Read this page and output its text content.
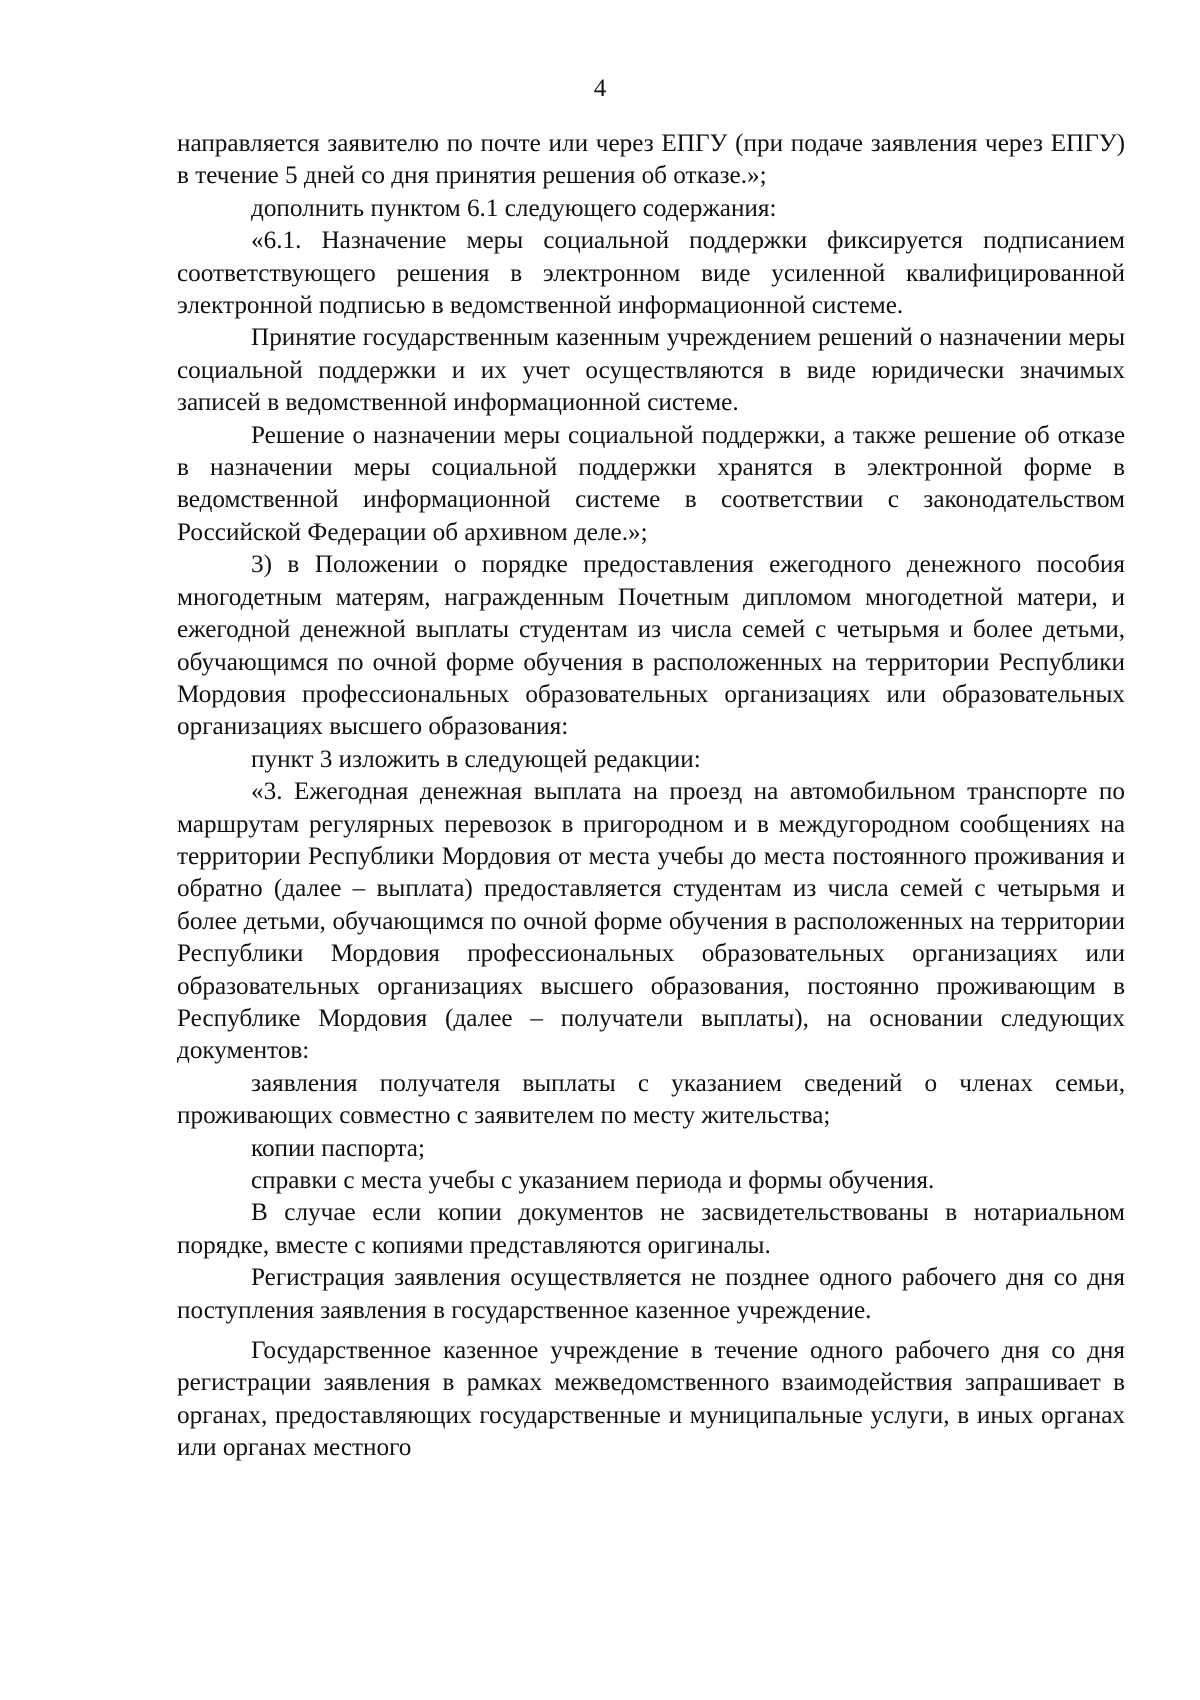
4

направляется заявителю по почте или через ЕПГУ (при подаче заявления через ЕПГУ) в течение 5 дней со дня принятия решения об отказе.»;

дополнить пунктом 6.1 следующего содержания:

«6.1. Назначение меры социальной поддержки фиксируется подписанием соответствующего решения в электронном виде усиленной квалифицированной электронной подписью в ведомственной информационной системе.

Принятие государственным казенным учреждением решений о назначении меры социальной поддержки и их учет осуществляются в виде юридически значимых записей в ведомственной информационной системе.

Решение о назначении меры социальной поддержки, а также решение об отказе в назначении меры социальной поддержки хранятся в электронной форме в ведомственной информационной системе в соответствии с законодательством Российской Федерации об архивном деле.»;

3) в Положении о порядке предоставления ежегодного денежного пособия многодетным матерям, награжденным Почетным дипломом многодетной матери, и ежегодной денежной выплаты студентам из числа семей с четырьмя и более детьми, обучающимся по очной форме обучения в расположенных на территории Республики Мордовия профессиональных образовательных организациях или образовательных организациях высшего образования:

пункт 3 изложить в следующей редакции:

«3. Ежегодная денежная выплата на проезд на автомобильном транспорте по маршрутам регулярных перевозок в пригородном и в междугородном сообщениях на территории Республики Мордовия от места учебы до места постоянного проживания и обратно (далее – выплата) предоставляется студентам из числа семей с четырьмя и более детьми, обучающимся по очной форме обучения в расположенных на территории Республики Мордовия профессиональных образовательных организациях или образовательных организациях высшего образования, постоянно проживающим в Республике Мордовия (далее – получатели выплаты), на основании следующих документов:

заявления получателя выплаты с указанием сведений о членах семьи, проживающих совместно с заявителем по месту жительства;

копии паспорта;

справки с места учебы с указанием периода и формы обучения.

В случае если копии документов не засвидетельствованы в нотариальном порядке, вместе с копиями представляются оригиналы.

Регистрация заявления осуществляется не позднее одного рабочего дня со дня поступления заявления в государственное казенное учреждение.

Государственное казенное учреждение в течение одного рабочего дня со дня регистрации заявления в рамках межведомственного взаимодействия запрашивает в органах, предоставляющих государственные и муниципальные услуги, в иных органах или органах местного
